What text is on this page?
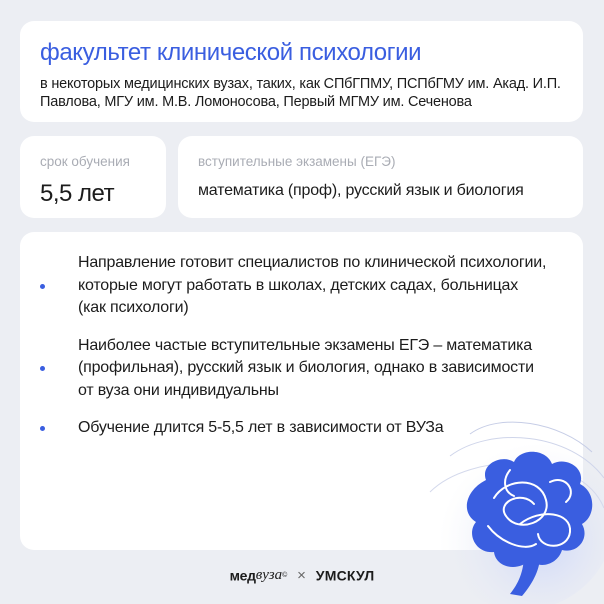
факультет клинической психологии
в некоторых медицинских вузах, таких, как СПбГПМУ, ПСПбГМУ им. Акад. И.П. Павлова, МГУ им. М.В. Ломоносова, Первый МГМУ им. Сеченова
срок обучения
5,5 лет
вступительные экзамены (ЕГЭ)
математика (проф), русский язык и биология
Направление готовит специалистов по клинической психологии, которые могут работать в школах, детских садах, больницах (как психологи)
Наиболее частые вступительные экзамены ЕГЭ – математика (профильная), русский язык и биология, однако в зависимости от вуза они индивидуальны
Обучение длится 5-5,5 лет в зависимости от ВУЗа
медвуза© × УМСКУЛ
